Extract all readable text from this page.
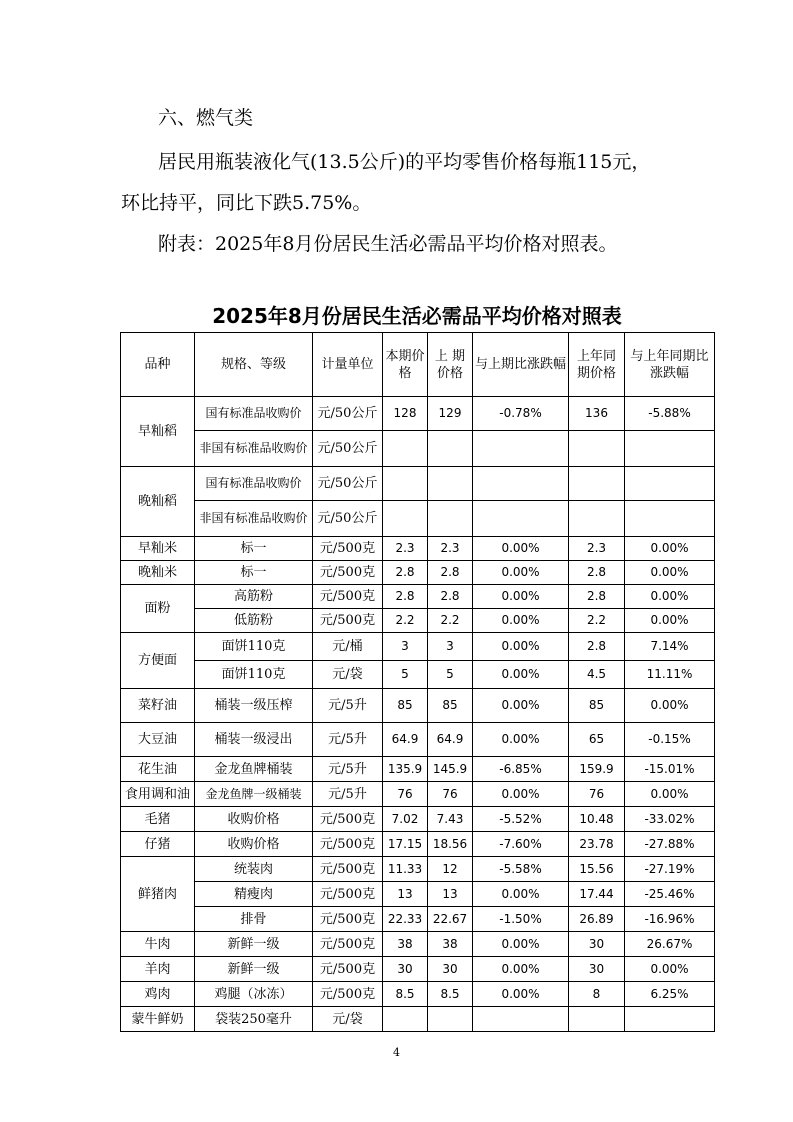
六、燃气类
居民用瓶装液化气(13.5公斤)的平均零售价格每瓶115元，
环比持平，同比下跌5.75%。
附表：2025年8月份居民生活必需品平均价格对照表。
2025年8月份居民生活必需品平均价格对照表
品种	规格、等级	计量单位	本期价格	上 期价格	与上期比涨跌幅	上年同期价格	与上年同期比涨跌幅
早籼稻	国有标准品收购价	元/50公斤	128	129	-0.78%	136	-5.88%
	非国有标准品收购价	元/50公斤					
晚籼稻	国有标准品收购价	元/50公斤					
	非国有标准品收购价	元/50公斤					
早籼米	标一	元/500克	2.3	2.3	0.00%	2.3	0.00%
晚籼米	标一	元/500克	2.8	2.8	0.00%	2.8	0.00%
面粉	高筋粉	元/500克	2.8	2.8	0.00%	2.8	0.00%
	低筋粉	元/500克	2.2	2.2	0.00%	2.2	0.00%
方便面	面饼110克	元/桶	3	3	0.00%	2.8	7.14%
	面饼110克	元/袋	5	5	0.00%	4.5	11.11%
菜籽油	桶装一级压榨	元/5升	85	85	0.00%	85	0.00%
大豆油	桶装一级浸出	元/5升	64.9	64.9	0.00%	65	-0.15%
花生油	金龙鱼牌桶装	元/5升	135.9	145.9	-6.85%	159.9	-15.01%
食用调和油	金龙鱼牌一级桶装	元/5升	76	76	0.00%	76	0.00%
毛猪	收购价格	元/500克	7.02	7.43	-5.52%	10.48	-33.02%
仔猪	收购价格	元/500克	17.15	18.56	-7.60%	23.78	-27.88%
鲜猪肉	统装肉	元/500克	11.33	12	-5.58%	15.56	-27.19%
	精瘦肉	元/500克	13	13	0.00%	17.44	-25.46%
	排骨	元/500克	22.33	22.67	-1.50%	26.89	-16.96%
牛肉	新鲜一级	元/500克	38	38	0.00%	30	26.67%
羊肉	新鲜一级	元/500克	30	30	0.00%	30	0.00%
鸡肉	鸡腿（冰冻）	元/500克	8.5	8.5	0.00%	8	6.25%
蒙牛鲜奶	袋装250毫升	元/袋					
4
